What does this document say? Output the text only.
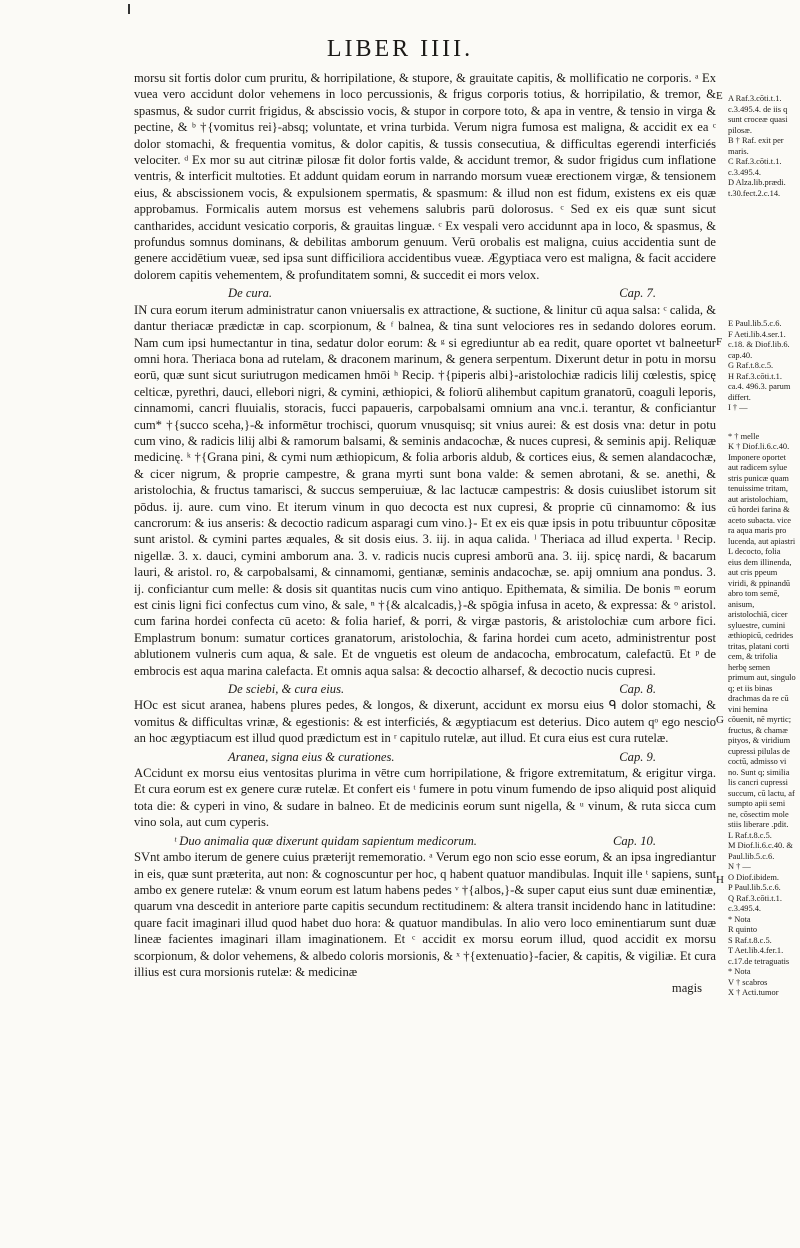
LIBER IIII.
E
F
G
H

morsu sit fortis dolor cum pruritu, & horripilatione, & stupore, & grauitate capitis, & mollificatio ne corporis. ᵃ Ex vuea vero accidunt dolor vehemens in loco percussionis, & frigus corporis totius, & horripilatio, & tremor, & spasmus, & sudor currit frigidus, & abscissio vocis, & stupor in corpore toto, & apa in ventre, & tensio in virga & pectine, & ᵇ †{vomitus rei}-absq; voluntate, et vrina turbida. Verum nigra fumosa est maligna, & accidit ex ea ᶜ dolor stomachi, & frequentia vomitus, & dolor capitis, & tussis consecutiua, & difficultas egerendi interficiés velociter. ᵈ Ex mor su aut citrinæ pilosæ fit dolor fortis valde, & accidunt tremor, & sudor frigidus cum inflatione ventris, & interficit multoties. Et addunt quidam eorum in narrando morsum vueæ erectionem virgæ, & tensionem eius, & abscissionem vocis, & expulsionem spermatis, & spasmum: & illud non est fidum, existens ex eis quæ approbamus. Formicalis autem morsus est vehemens salubris parū dolorosus. ᶜ Sed ex eis quæ sunt sicut cantharides, accidunt vesicatio corporis, & grauitas linguæ. ᶜ Ex vespali vero accidunnt apa in loco, & spasmus, & profundus somnus dominans, & debilitas amborum genuum. Verū orobalis est maligna, cuius accidentia sunt de genere accidētium vueæ, sed ipsa sunt difficiliora accidentibus vueæ. Ægyptiaca vero est maligna, & facit accidere dolorem capitis vehementem, & profunditatem somni, & succedit ei mors velox.

De cura.	Cap. 7.

IN cura eorum iterum administratur canon vniuersalis ex attractione, & suctione, & linitur cū aqua salsa: ᶜ calida, & dantur theriacæ prædictæ in cap. scorpionum, & ᶠ balnea, & tina sunt velociores res in sedando dolores eorum. Nam cum ipsi humectantur in tina, sedatur dolor eorum: & ᵍ si egrediuntur ab ea redit, quare oportet vt balneetur omni hora. Theriaca bona ad rutelam, & draconem marinum, & genera serpentum. Dixerunt detur in potu in morsu eorū, quæ sunt sicut suriutrugon medicamen hmōi ʰ Recip. †{piperis albi}-aristolochiæ radicis lilij cœlestis, spicę celticæ, pyrethri, dauci, ellebori nigri, & cymini, æthiopici, & foliorū alihembut capitum granatorū, coaguli leporis, cinnamomi, cancri fluuialis, storacis, fucci papaueris, carpobalsami omnium ana vnc.i. terantur, & conficiantur cum* †{succo sceha,}-& informētur trochisci, quorum vnusquisq; sit vnius aurei: & est dosis vna: detur in potu cum vino, & radicis lilij albi & ramorum balsami, & seminis andacochæ, & nuces cupresi, & seminis apij. Reliquæ medicinę. ᵏ †{Grana pini, & cymi num æthiopicum, & folia arboris aldub, & cortices eius, & semen alandacochæ, & cicer nigrum, & proprie campestre, & grana myrti sunt bona valde: & semen abrotani, & se. anethi, & aristolochia, & fructus tamarisci, & succus semperuiuæ, & lac lactucæ campestris: & dosis cuiuslibet istorum sit pōdus. ij. aure. cum vino. Et iterum vinum in quo decocta est nux cupresi, & proprie cū cinnamomo: & ius cancrorum: & ius anseris: & decoctio radicum asparagi cum vino.}- Et ex eis quæ ipsis in potu tribuuntur cōpositæ sunt aristol. & cymini partes æquales, & sit dosis eius. 3. iij. in aqua calida. ˡ Theriaca ad illud experta. ˡ Recip. nigellæ. 3. x. dauci, cymini amborum ana. 3. v. radicis nucis cupresi amborū ana. 3. iij. spicę nardi, & bacarum lauri, & aristol. ro, & carpobalsami, & cinnamomi, gentianæ, seminis andacochæ, se. apij omnium ana pondus. 3. ij. conficiantur cum melle: & dosis sit quantitas nucis cum vino antiquo. Epithemata, & similia. De bonis ᵐ eorum est cinis ligni fici confectus cum vino, & sale, ⁿ †{& alcalcadis,}-& spōgia infusa in aceto, & expressa: & ᵒ aristol. cum farina hordei confecta cū aceto: & folia harief, & porri, & virgæ pastoris, & aristolochiæ cum arbore fici. Emplastrum bonum: sumatur cortices granatorum, aristolochia, & farina hordei cum aceto, administrentur post ablutionem vulneris cum aqua, & sale. Et de vnguetis est oleum de andacocha, embrocatum, calefactū. Et ᵖ de embrocis est aqua marina calefacta. Et omnis aqua salsa: & decoctio alharsef, & decoctio nucis cupresi.

De sciebi, & cura eius.	Cap. 8.

HOc est sicut aranea, habens plures pedes, & longos, & dixerunt, accidunt ex morsu eius ᑫ dolor stomachi, & vomitus & difficultas vrinæ, & egestionis: & est interficiés, & ægyptiacum est deterius. Dico autem qᵒ ego nescio an hoc ægyptiacum est illud quod prædictum est in ʳ capitulo rutelæ, aut illud. Et cura eius est cura rutelæ.

Aranea, signa eius & curationes.	Cap. 9.

ACcidunt ex morsu eius ventositas plurima in vētre cum horripilatione, & frigore extremitatum, & erigitur virga. Et cura eorum est ex genere curæ rutelæ. Et confert eis ᵗ fumere in potu vinum fumendo de ipso aliquid post aliquid tota die: & cyperi in vino, & sudare in balneo. Et de medicinis eorum sunt nigella, & ᵘ vinum, & ruta sicca cum vino sola, aut cum cyperis.

ᵗ Duo animalia quæ dixerunt quidam sapientum medicorum.	Cap. 10.

SVnt ambo iterum de genere cuius præterijt rememoratio. ᵃ Verum ego non scio esse eorum, & an ipsa ingrediantur in eis, quæ sunt præterita, aut non: & cognoscuntur per hoc, q habent quatuor mandibulas. Inquit ille ᵗ sapiens, sunt ambo ex genere rutelæ: & vnum eorum est latum habens pedes ᵛ †{albos,}-& super caput eius sunt duæ eminentiæ, quarum vna descedit in anteriore parte capitis secundum rectitudinem: & altera transit incidendo hanc in latitudine: quare facit imaginari illud quod habet duo hora: & quatuor mandibulas. In alio vero loco eminentiarum sunt duæ lineæ facientes imaginari illam imaginationem. Et ᶜ accidit ex morsu eorum illud, quod accidit ex morsu scorpionum, & dolor vehemens, & albedo coloris morsionis, & ˣ †{extenuatio}-facier, & capitis, & vigiliæ. Et cura illius est cura morsionis rutelæ: & medicinæ

magis
A Raf.3.cōti.t.1. c.3.495.4. de iis q sunt croceæ quasi pilosæ.
B † Raf. exit per maris.
C Raf.3.cōti.t.1. c.3.495.4.
D Alza.lib.prædi. t.30.fect.2.c.14.
E Paul.lib.5.c.6.
F Aeti.lib.4.ser.1. c.18. & Diof.lib.6. cap.40.
G Raf.t.8.c.5.
H Raf.3.cōti.t.1. ca.4. 496.3. parum differt.
I † —
* † melle
K † Diof.li.6.c.40. Imponere oportet aut radicem sylue stris punicæ quam tenuissime tritam, aut aristolochiam, cū hordei farina & aceto subacta. vice ra aqua maris pro lucenda, aut apiastri
L decocto, folia eius dem illinenda, aut cris ppeum viridi, & ppinandū abro tom semē, anisum, aristolochiā, cicer syluestre, cumini æthiopicū, cedrides tritas, platani corti cem, & trifolia herbę semen primum aut, singulo q; et iis binas drachmas da re cū vini hemina cōuenit, nē myrtic; fructus, & chamæ pityos, & viridium cupressi pilulas de coctū, admisso vi no. Sunt q; similia lis cancri cupressi succum, cū lactu, af sumpto apii semi ne, cōsectim mole stiis liberare .pdit.
L Raf.t.8.c.5.
M Diof.li.6.c.40. & Paul.lib.5.c.6.
N † —
O Diof.ibidem.
P Paul.lib.5.c.6.
Q Raf.3.cōti.t.1. c.3.495.4.
* Nota
R quinto
S Raf.t.8.c.5.
T Aet.lib.4.fer.1. c.17.de tetraguatis
* Nota
V † scabros
X † Acti.tumor
